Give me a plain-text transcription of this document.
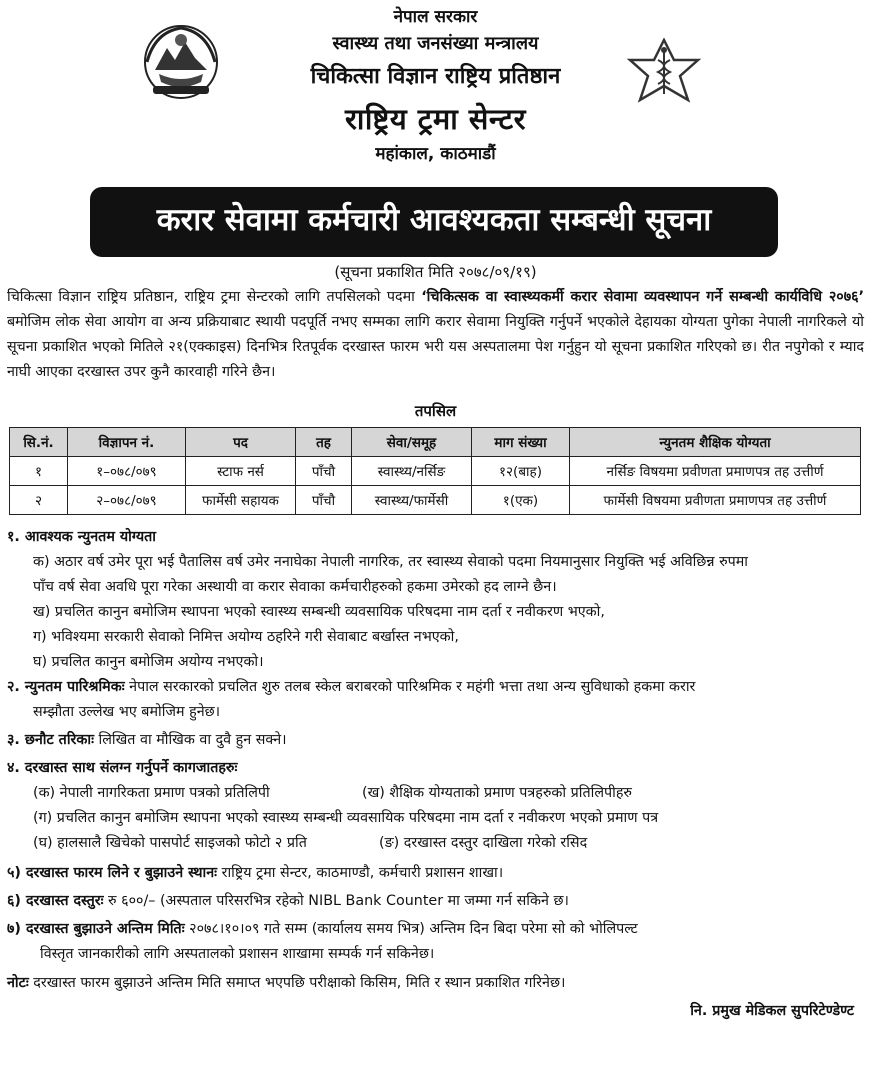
नेपाल सरकार
स्वास्थ्य तथा जनसंख्या मन्त्रालय
चिकित्सा विज्ञान राष्ट्रिय प्रतिष्ठान
राष्ट्रिय ट्रमा सेन्टर
महांकाल, काठमाडौं
करार सेवामा कर्मचारी आवश्यकता सम्बन्धी सूचना
(सूचना प्रकाशित मिति २०७८/०९/१९)
चिकित्सा विज्ञान राष्ट्रिय प्रतिष्ठान, राष्ट्रिय ट्रमा सेन्टरको लागि तपसिलको पदमा ‘चिकित्सक वा स्वास्थ्यकर्मी करार सेवामा व्यवस्थापन गर्ने सम्बन्धी कार्यविधि २०७६’ बमोजिम लोक सेवा आयोग वा अन्य प्रक्रियाबाट स्थायी पदपूर्ति नभए सम्मका लागि करार सेवामा नियुक्ति गर्नुपर्ने भएकोले देहायका योग्यता पुगेका नेपाली नागरिकले यो सूचना प्रकाशित भएको मितिले २१(एक्काइस) दिनभित्र रितपूर्वक दरखास्त फारम भरी यस अस्पतालमा पेश गर्नुहुन यो सूचना प्रकाशित गरिएको छ। रीत नपुगेको र म्याद नाघी आएका दरखास्त उपर कुनै कारवाही गरिने छैन।
तपसिल
सि.नं.	विज्ञापन नं.	पद	तह	सेवा/समूह	माग संख्या	न्युनतम शैक्षिक योग्यता
१	१–०७८/०७९	स्टाफ नर्स	पाँचौ	स्वास्थ्य/नर्सिङ	१२(बाह)	नर्सिङ विषयमा प्रवीणता प्रमाणपत्र तह उत्तीर्ण
२	२–०७८/०७९	फार्मेसी सहायक	पाँचौ	स्वास्थ्य/फार्मेसी	१(एक)	फार्मेसी विषयमा प्रवीणता प्रमाणपत्र तह उत्तीर्ण
१. आवश्यक न्युनतम योग्यता
क) अठार वर्ष उमेर पूरा भई पैतालिस वर्ष उमेर ननाघेका नेपाली नागरिक, तर स्वास्थ्य सेवाको पदमा नियमानुसार नियुक्ति भई अविछिन्न रुपमा
पाँच वर्ष सेवा अवधि पूरा गरेका अस्थायी वा करार सेवाका कर्मचारीहरुको हकमा उमेरको हद लाग्ने छैन।
ख) प्रचलित कानुन बमोजिम स्थापना भएको स्वास्थ्य सम्बन्धी व्यवसायिक परिषदमा नाम दर्ता र नवीकरण भएको,
ग) भविश्यमा सरकारी सेवाको निमित्त अयोग्य ठहरिने गरी सेवाबाट बर्खास्त नभएको,
घ) प्रचलित कानुन बमोजिम अयोग्य नभएको।
२. न्युनतम पारिश्रमिकः नेपाल सरकारको प्रचलित शुरु तलब स्केल बराबरको पारिश्रमिक र महंगी भत्ता तथा अन्य सुविधाको हकमा करार
सम्झौता उल्लेख भए बमोजिम हुनेछ।
३. छनौट तरिकाः लिखित वा मौखिक वा दुवै हुन सक्ने।
४. दरखास्त साथ संलग्न गर्नुपर्ने कागजातहरुः
(क) नेपाली नागरिकता प्रमाण पत्रको प्रतिलिपी	(ख) शैक्षिक योग्यताको प्रमाण पत्रहरुको प्रतिलिपीहरु
(ग) प्रचलित कानुन बमोजिम स्थापना भएको स्वास्थ्य सम्बन्धी व्यवसायिक परिषदमा नाम दर्ता र नवीकरण भएको प्रमाण पत्र
(घ) हालसालै खिचेको पासपोर्ट साइजको फोटो २ प्रति	(ङ) दरखास्त दस्तुर दाखिला गरेको रसिद
५) दरखास्त फारम लिने र बुझाउने स्थानः राष्ट्रिय ट्रमा सेन्टर, काठमाण्डौ, कर्मचारी प्रशासन शाखा।
६) दरखास्त दस्तुरः रु ६००/– (अस्पताल परिसरभित्र रहेको NIBL Bank Counter मा जम्मा गर्न सकिने छ।
७) दरखास्त बुझाउने अन्तिम मितिः २०७८।१०।०९ गते सम्म (कार्यालय समय भित्र) अन्तिम दिन बिदा परेमा सो को भोलिपल्ट
विस्तृत जानकारीको लागि अस्पतालको प्रशासन शाखामा सम्पर्क गर्न सकिनेछ।
नोटः दरखास्त फारम बुझाउने अन्तिम मिति समाप्त भएपछि परीक्षाको किसिम, मिति र स्थान प्रकाशित गरिनेछ।
नि. प्रमुख मेडिकल सुपरिटेण्डेण्ट
